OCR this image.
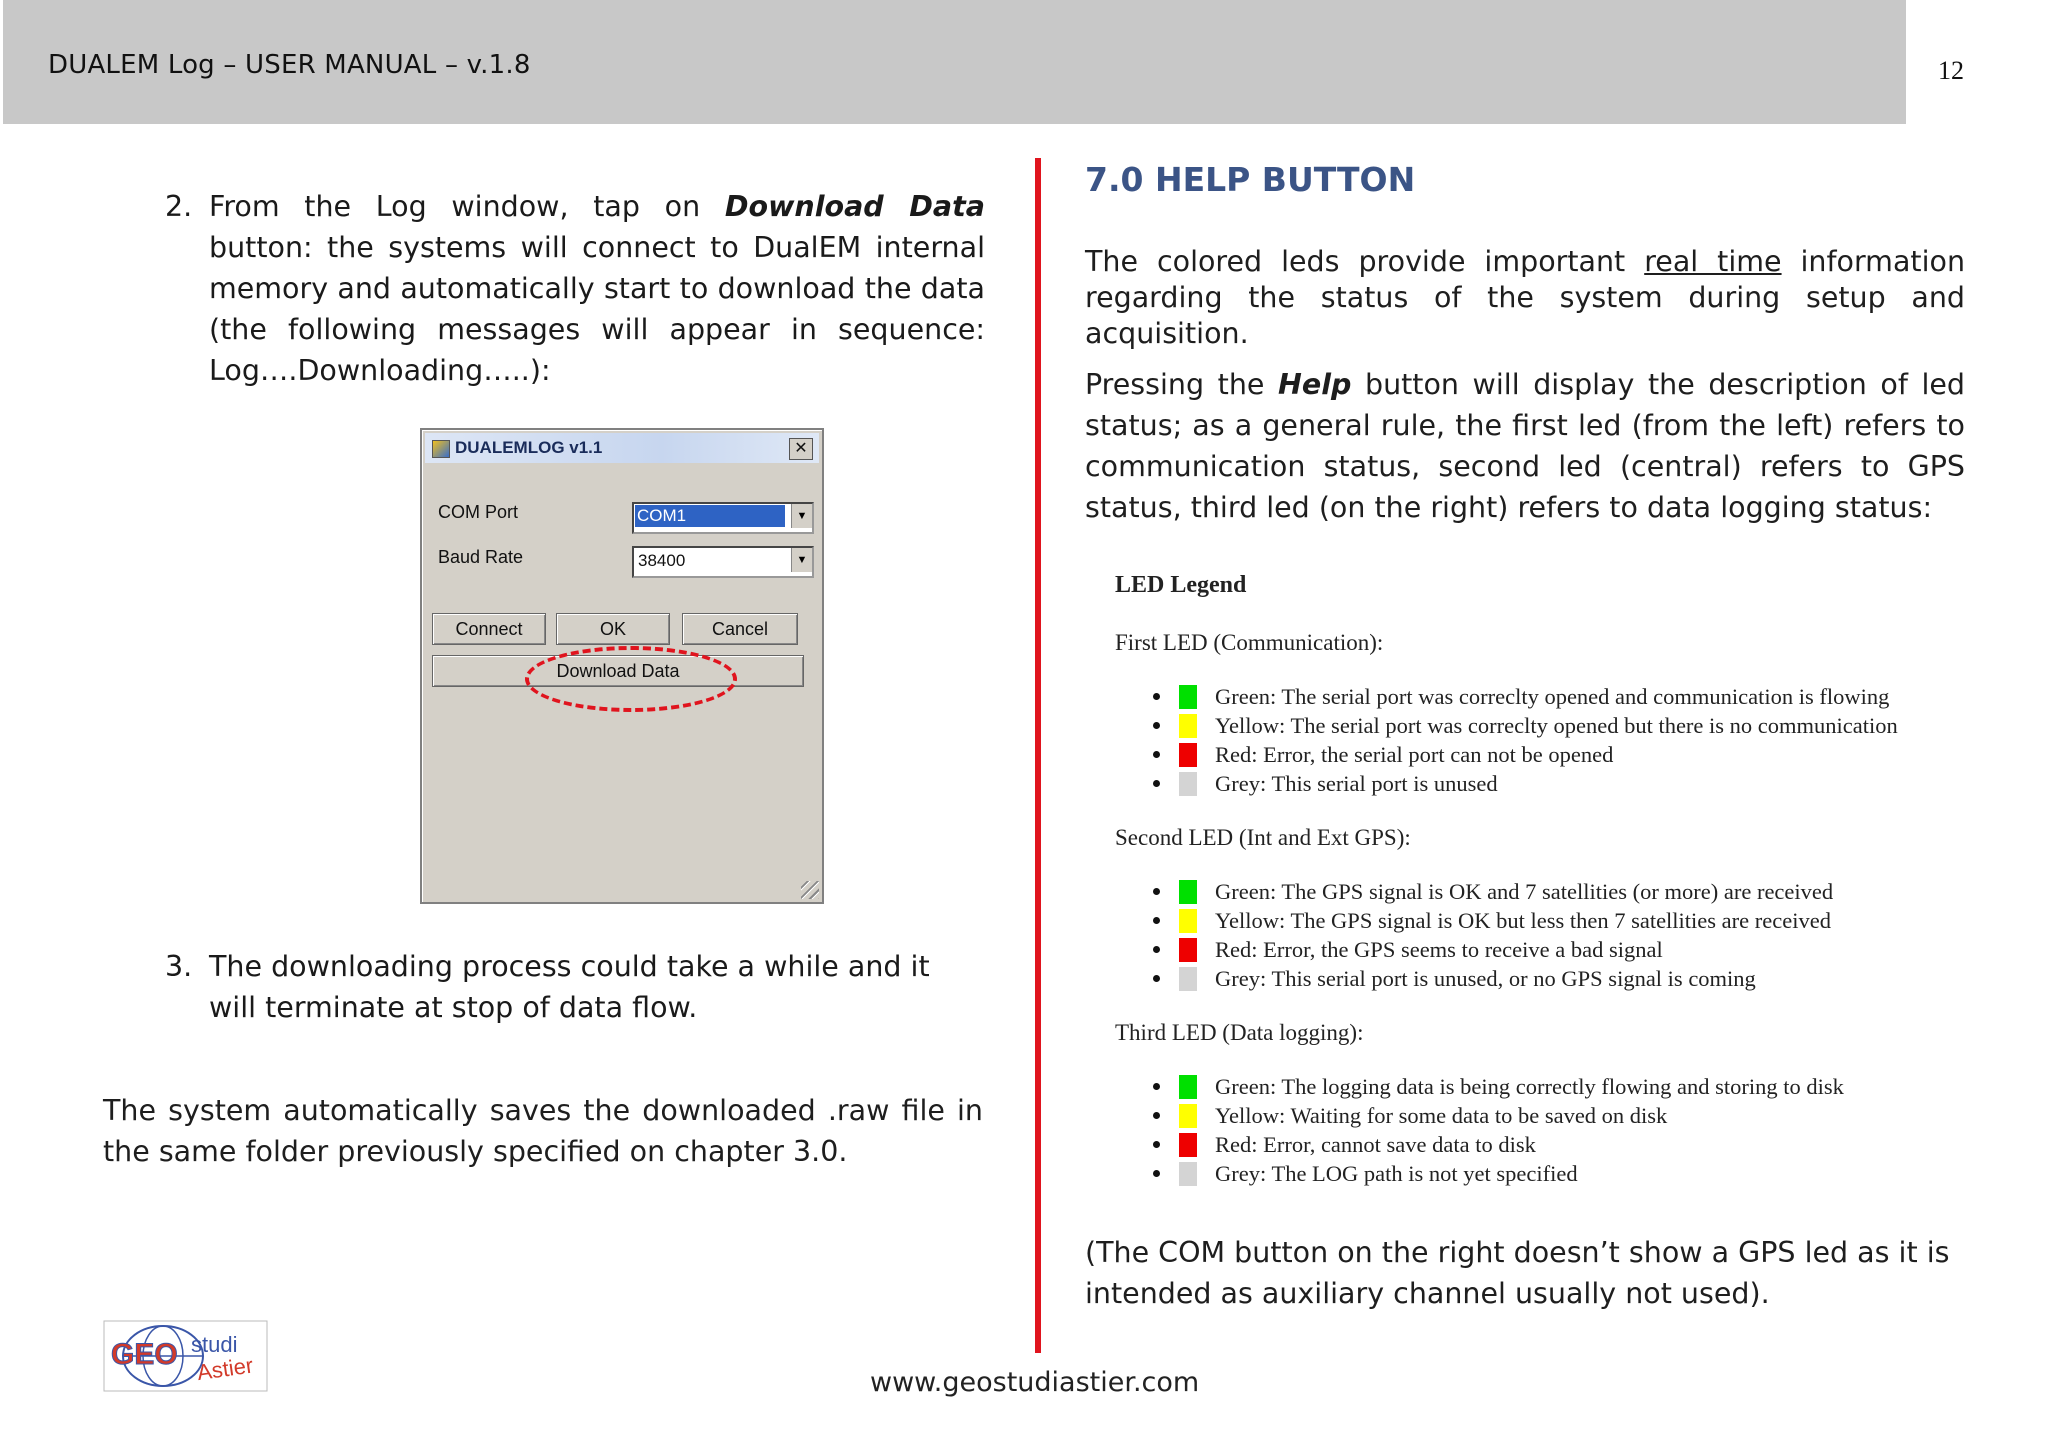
DUALEM Log – USER MANUAL – v.1.8	12
2. From the Log window, tap on Download Data button: the systems will connect to DualEM internal memory and automatically start to download the data (the following messages will appear in sequence: Log….Downloading…..):
DUALEMLOG v1.1	✕
COM Port	COM1	▼
Baud Rate	38400	▼
Connect	OK	Cancel
Download Data
3. The downloading process could take a while and it will terminate at stop of data flow.
The system automatically saves the downloaded .raw file in the same folder previously specified on chapter 3.0.
7.0 HELP BUTTON
The colored leds provide important real time information regarding the status of the system during setup and acquisition.
Pressing the Help button will display the description of led status; as a general rule, the first led (from the left) refers to communication status, second led (central) refers to GPS status, third led (on the right) refers to data logging status:
LED Legend
First LED (Communication):
Green: The serial port was correclty opened and communication is flowing
Yellow: The serial port was correclty opened but there is no communication
Red: Error, the serial port can not be opened
Grey: This serial port is unused
Second LED (Int and Ext GPS):
Green: The GPS signal is OK and 7 satellities (or more) are received
Yellow: The GPS signal is OK but less then 7 satellities are received
Red: Error, the GPS seems to receive a bad signal
Grey: This serial port is unused, or no GPS signal is coming
Third LED (Data logging):
Green: The logging data is being correctly flowing and storing to disk
Yellow: Waiting for some data to be saved on disk
Red: Error, cannot save data to disk
Grey: The LOG path is not yet specified
(The COM button on the right doesn’t show a GPS led as it is intended as auxiliary channel usually not used).
GEO studi
Astier	www.geostudiastier.com
